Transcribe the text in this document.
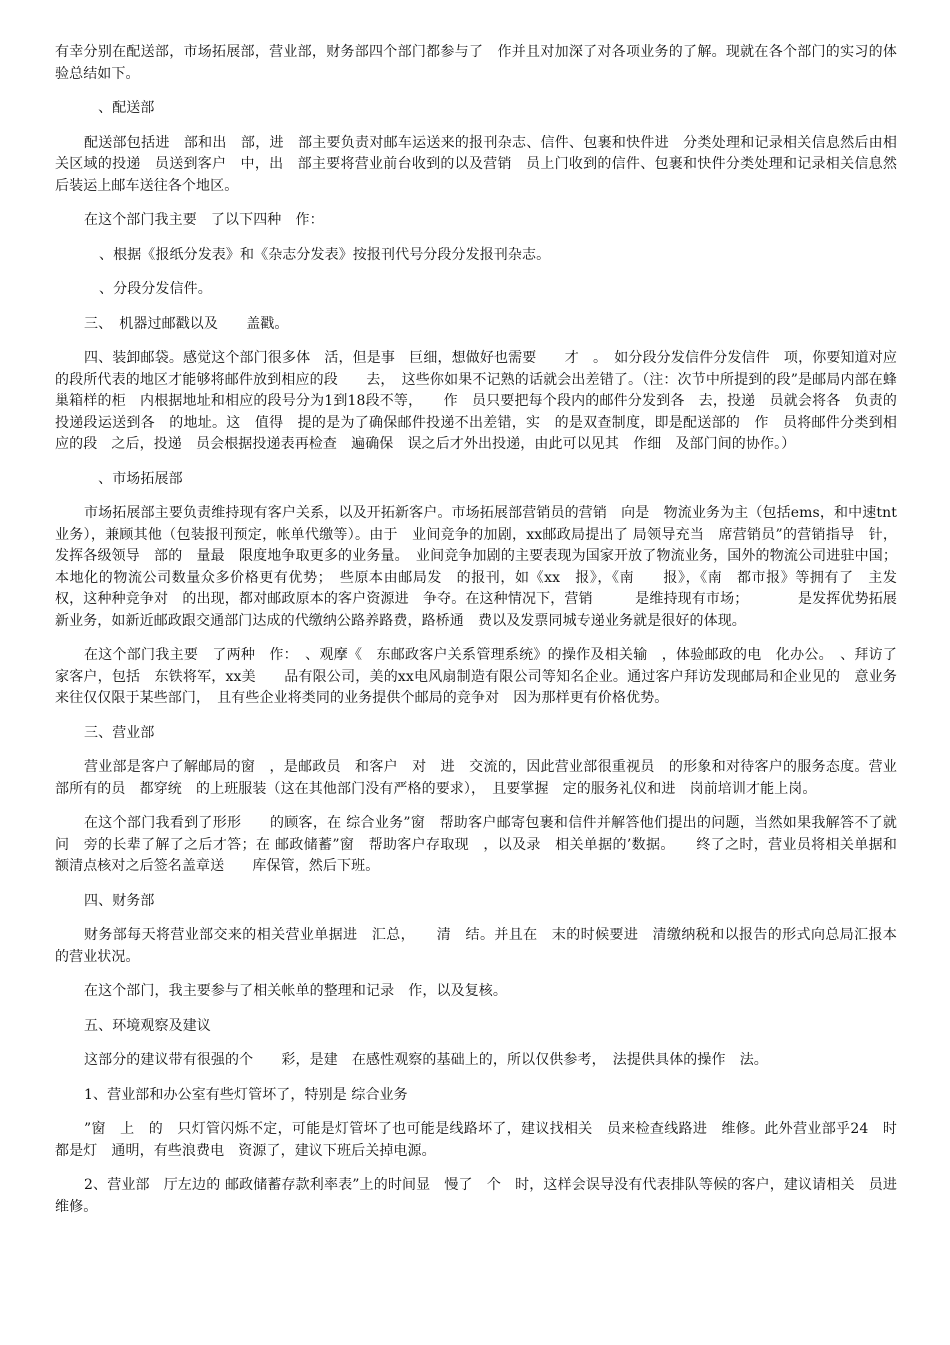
有幸分别在配送部，市场拓展部，营业部，财务部四个部门都参与了　作并且对加深了对各项业务的了解。现就在各个部门的实习的体验总结如下。

　、配送部

配送部包括进　部和出　部，进　部主要负责对邮车运送来的报刊杂志、信件、包裹和快件进　分类处理和记录相关信息然后由相关区域的投递　员送到客户　中，出　部主要将营业前台收到的以及营销　员上门收到的信件、包裹和快件分类处理和记录相关信息然后装运上邮车送往各个地区。

在这个部门我主要　了以下四种　作：

、根据《报纸分发表》和《杂志分发表》按报刊代号分段分发报刊杂志。

、分段分发信件。

三、　机器过邮戳以及　　盖戳。

四、装卸邮袋。感觉这个部门很多体　活，但是事　巨细，想做好也需要　　才　。　如分段分发信件分发信件　项，你要知道对应的段所代表的地区才能够将邮件放到相应的段　　去，　这些你如果不记熟的话就会出差错了。（注：次节中所提到的段”是邮局内部在蜂巢箱样的柜　内根据地址和相应的段号分为1到18段不等，　　作　员只要把每个段内的邮件分发到各　去，投递　员就会将各　负责的投递段运送到各　的地址。这　值得　提的是为了确保邮件投递不出差错，实　的是双查制度，即是配送部的　作　员将邮件分类到相应的段　之后，投递　员会根据投递表再检查　遍确保　误之后才外出投递，由此可以见其　作细　及部门间的协作。）

　、市场拓展部

市场拓展部主要负责维持现有客户关系，以及开拓新客户。市场拓展部营销员的营销　向是　物流业务为主（包括ems，和中速tnt业务），兼顾其他（包装报刊预定，帐单代缴等）。由于　业间竞争的加剧，xx邮政局提出了 局领导充当　席营销员”的营销指导　针，发挥各级领导　部的　量最　限度地争取更多的业务量。　业间竞争加剧的主要表现为国家开放了物流业务，国外的物流公司进驻中国；本地化的物流公司数量众多价格更有优势；　些原本由邮局发　的报刊，如《xx　报》，《南　　报》，《南　都市报》等拥有了　主发　权，这种种竞争对　的出现，都对邮政原本的客户资源进　争夺。在这种情况下，营销　　　是维持现有市场；　　　　是发挥优势拓展新业务，如新近邮政跟交通部门达成的代缴纳公路养路费，路桥通　费以及发票同城专递业务就是很好的体现。

在这个部门我主要　了两种　作：　、观摩《　东邮政客户关系管理系统》的操作及相关输　，体验邮政的电　化办公。　、拜访了　　家客户，包括　东铁将军，xx美　　品有限公司，美的xx电风扇制造有限公司等知名企业。通过客户拜访发现邮局和企业见的　意业务来往仅仅限于某些部门，　且有些企业将类同的业务提供个邮局的竞争对　因为那样更有价格优势。

三、营业部

营业部是客户了解邮局的窗　，是邮政员　和客户　对　进　交流的，因此营业部很重视员　的形象和对待客户的服务态度。营业部所有的员　都穿统　的上班服装（这在其他部门没有严格的要求），　且要掌握　定的服务礼仪和进　岗前培训才能上岗。

在这个部门我看到了形形　　的顾客，在 综合业务”窗　帮助客户邮寄包裹和信件并解答他们提出的问题，当然如果我解答不了就问　旁的长辈了解了之后才答；在 邮政储蓄”窗　帮助客户存取现　，以及录　相关单据的’数据。　　终了之时，营业员将相关单据和　额清点核对之后签名盖章送　　库保管，然后下班。

四、财务部

财务部每天将营业部交来的相关营业单据进　汇总，　　清　结。并且在　末的时候要进　清缴纳税和以报告的形式向总局汇报本　的营业状况。

在这个部门，我主要参与了相关帐单的整理和记录　作，以及复核。

五、环境观察及建议

这部分的建议带有很强的个　　彩，是建　在感性观察的基础上的，所以仅供参考，　法提供具体的操作　法。

1、营业部和办公室有些灯管坏了，特别是 综合业务

”窗　上　的　只灯管闪烁不定，可能是灯管坏了也可能是线路坏了，建议找相关　员来检查线路进　维修。此外营业部乎24　时都是灯　通明，有些浪费电　资源了，建议下班后关掉电源。

2、营业部　厅左边的 邮政储蓄存款利率表”上的时间显　慢了　个　时，这样会误导没有代表排队等候的客户，建议请相关　员进　维修。
